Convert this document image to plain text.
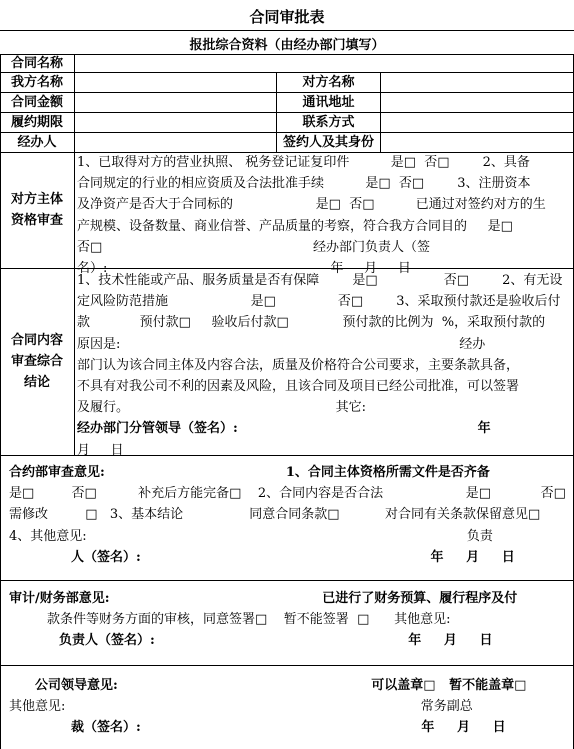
合同审批表
报批综合资料（由经办部门填写）
合同名称
我方名称	对方名称
合同金额	通讯地址
履约期限	联系方式
经办人	签约人及其身份
对方主体
资格审查
1、已取得对方的营业执照、 税务登记证复印件          是□  否□        2、具备
合同规定的行业的相应资质及合法批准手续          是□  否□        3、注册资本
及净资产是否大于合同标的                    是□  否□          已通过对签约对方的生
产规模、设备数量、商业信誉、产品质量的考察，符合我方合同目的     是□
否□                                                   经办部门负责人（签
名）:                                                      年     月     日
合同内容
审查综合
结论
1、技术性能或产品、服务质量是否有保障        是□                否□        2、有无设
定风险防范措施                    是□               否□        3、采取预付款还是验收后付
款            预付款□     验收后付款□             预付款的比例为  %，采取预付款的
原因是:                                                                                  经办
部门认为该合同主体及内容合法，质量及价格符合公司要求，主要条款具备，
不具有对我公司不利的因素及风险，且该合同及项目已经公司批准，可以签署
及履行。                                                  其它:
经办部门分管领导（签名）:                                                     年
月     日
合约部审查意见:                                        1、合同主体资格所需文件是否齐备
是□         否□          补充后方能完备□    2、合同内容是否合法                    是□            否□
需修改         □   3、基本结论                同意合同条款□           对合同有关条款保留意见□
4、其他意见:                                                                                            负责
人（签名）:                                                                年     月     日
审计/财务部意见:                                               已进行了财务预算、履行程序及付
款条件等财务方面的审核，同意签署□    暂不能签署  □      其他意见:
负责人（签名）:                                                        年     月     日
公司领导意见:                                                        可以盖章□   暂不能盖章□
其他意见:                                                                                      常务副总
裁（签名）:                                                              年     月     日
